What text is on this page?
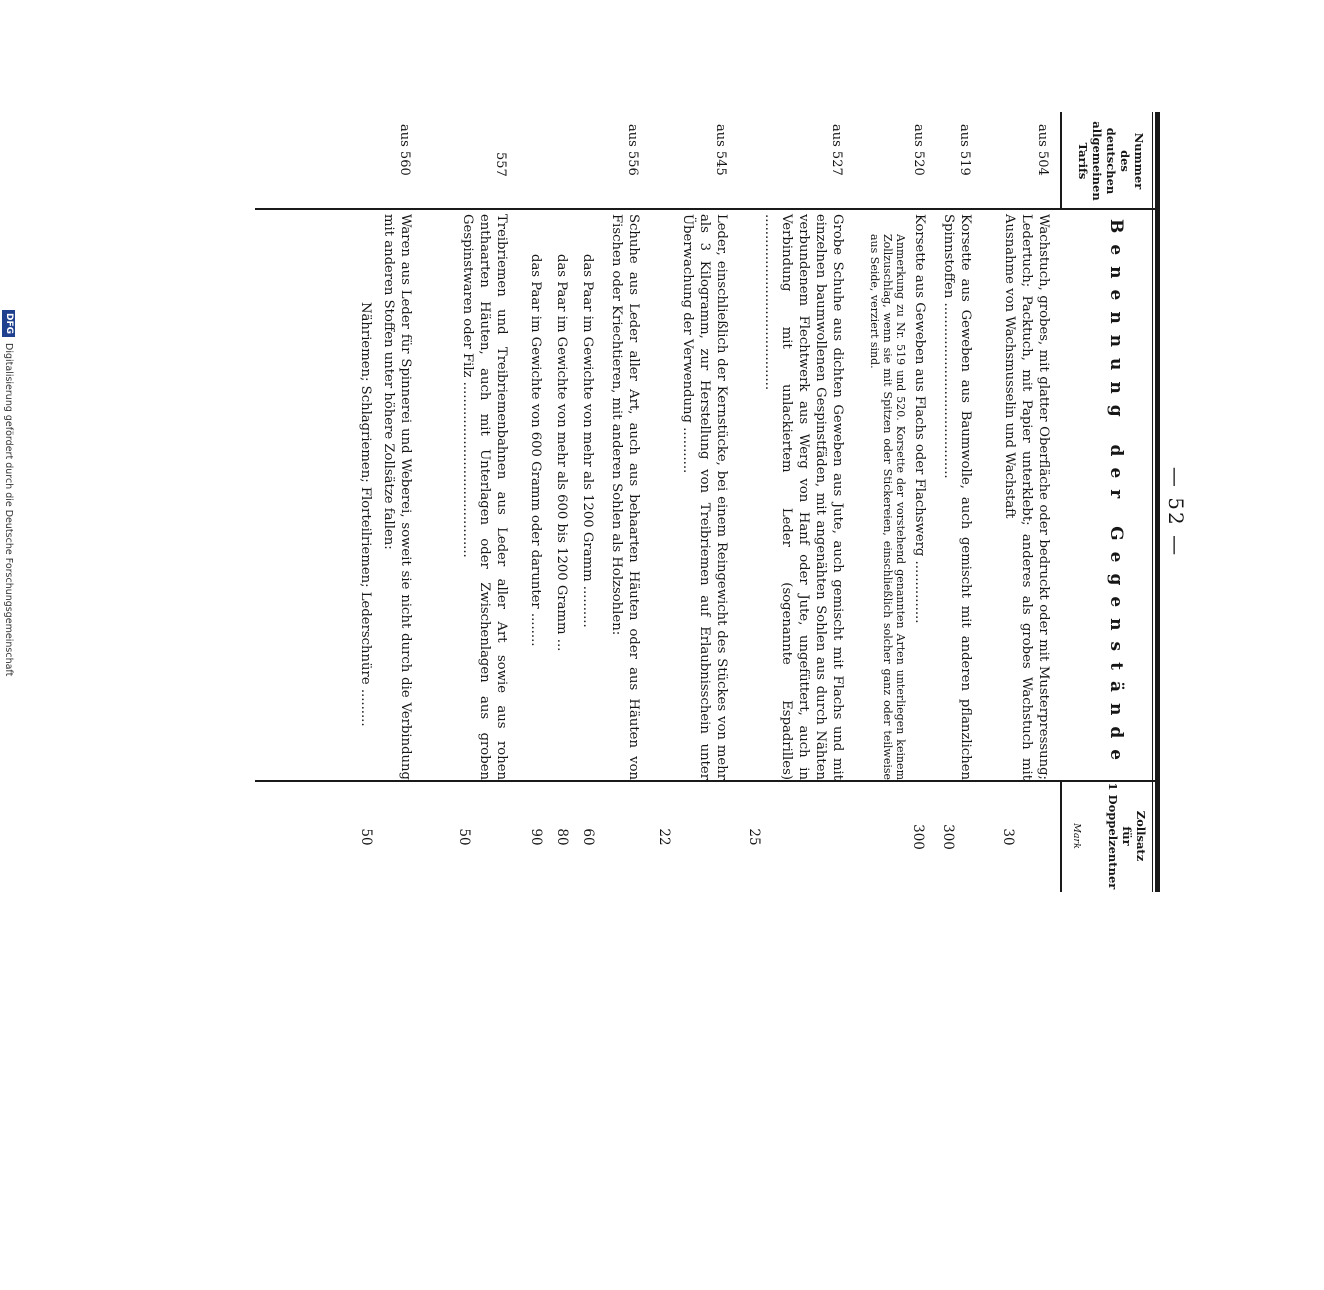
DFG
Digitalisierung gefördert durch die Deutsche Forschungsgemeinschaft	— 52 —
Nummer
des
deutschen
allgemeinen
Tarifs
Benennung der Gegenstände
Zollsatz
für
1 Doppelzentner
Mark
aus 504
Wachstuch, grobes, mit glatter Oberfläche oder bedruckt oder mit Musterpressung; Ledertuch; Packtuch, mit Papier unterklebt; anderes als grobes Wachstuch mit Ausnahme von Wachsmusselin und Wachstaft
30
aus 519
Korsette aus Geweben aus Baumwolle, auch gemischt mit anderen pflanzlichen Spinnstoffen ..........................................
300
aus 520
Korsette aus Geweben aus Flachs oder Flachswerg ...............
Anmerkung zu Nr. 519 und 520. Korsette der vorstehend genannten Arten unterliegen keinem Zollzuschlag, wenn sie mit Spitzen oder Stickereien, einschließlich solcher ganz oder teilweise aus Seide, verziert sind.
300
aus 527
Grobe Schuhe aus dichten Geweben aus Jute, auch gemischt mit Flachs und mit einzelnen baumwollenen Gespinstfäden, mit angenähten Sohlen aus durch Nähten verbundenem Flechtwerk aus Werg von Hanf oder Jute, ungefüttert, auch in Verbindung mit unlackiertem Leder (sogenannte Espadrilles) ..........................................
25
aus 545
Leder, einschließlich der Kernstücke, bei einem Reingewicht des Stückes von mehr als 3 Kilogramm, zur Herstellung von Treibriemen auf Erlaubnisschein unter Überwachung der Verwendung ...........
22
aus 556
Schuhe aus Leder aller Art, auch aus behaarten Häuten oder aus Häuten von Fischen oder Kriechtieren, mit anderen Sohlen als Holzsohlen:
das Paar im Gewichte von mehr als 1200 Gramm ..........
60
das Paar im Gewichte von mehr als 600 bis 1200 Gramm ...
80
das Paar im Gewichte von 600 Gramm oder darunter ........
90
557
Treibriemen und Treibriemenbahnen aus Leder aller Art sowie aus rohen enthaarten Häuten, auch mit Unterlagen oder Zwischenlagen aus groben Gespinstwaren oder Filz ..........................................
50
aus 560
Waren aus Leder für Spinnerei und Weberei, soweit sie nicht durch die Verbindung mit anderen Stoffen unter höhere Zollsätze fallen:
Nähriemen; Schlagriemen; Florteilriemen; Lederschnüre .........
50
